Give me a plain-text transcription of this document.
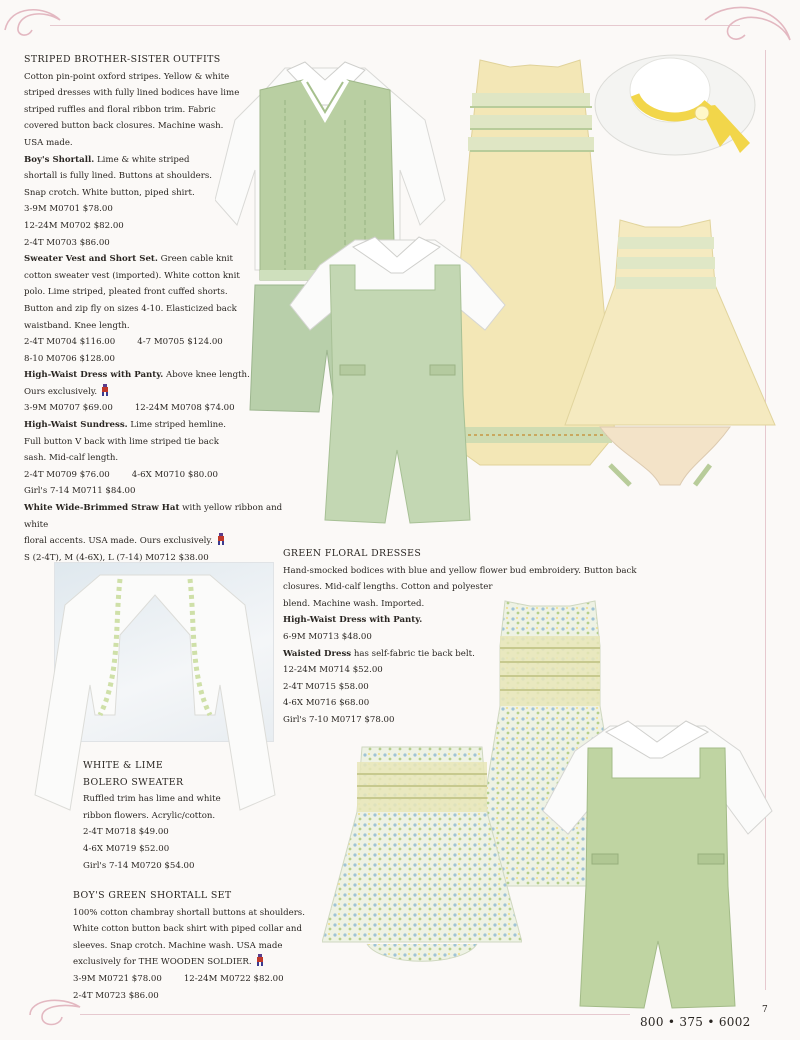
STRIPED BROTHER-SISTER OUTFITS

Cotton pin-point oxford stripes. Yellow & white

striped dresses with fully lined bodices have lime

striped ruffles and floral ribbon trim. Fabric

covered button back closures. Machine wash.

USA made.

Boy's Shortall. Lime & white striped

shortall is fully lined. Buttons at shoulders.

Snap crotch. White button, piped shirt.

3-9M M0701 $78.00

12-24M M0702 $82.00

2-4T M0703 $86.00

Sweater Vest and Short Set. Green cable knit

cotton sweater vest (imported). White cotton knit

polo. Lime striped, pleated front cuffed shorts.

Button and zip fly on sizes 4-10. Elasticized back

waistband. Knee length.

2-4T M0704 $116.00	4-7 M0705 $124.00

8-10 M0706 $128.00

High-Waist Dress with Panty. Above knee length.

Ours exclusively.

3-9M M0707 $69.00	12-24M M0708 $74.00

High-Waist Sundress. Lime striped hemline.

Full button V back with lime striped tie back

sash. Mid-calf length.

2-4T M0709 $76.00	4-6X M0710 $80.00

Girl's 7-14 M0711 $84.00

White Wide-Brimmed Straw Hat with yellow ribbon and white

floral accents. USA made. Ours exclusively.

S (2-4T), M (4-6X), L (7-14) M0712 $38.00	GREEN FLORAL DRESSES

Hand-smocked bodices with blue and yellow flower bud embroidery. Button back

closures. Mid-calf lengths. Cotton and polyester

blend. Machine wash. Imported.

High-Waist Dress with Panty.

6-9M M0713 $48.00

Waisted Dress has self-fabric tie back belt.

12-24M M0714 $52.00

2-4T M0715 $58.00

4-6X M0716 $68.00

Girl's 7-10 M0717 $78.00

WHITE & LIME

BOLERO SWEATER

Ruffled trim has lime and white

ribbon flowers. Acrylic/cotton.

2-4T M0718 $49.00

4-6X M0719 $52.00

Girl's 7-14 M0720 $54.00

BOY'S GREEN SHORTALL SET

100% cotton chambray shortall buttons at shoulders.

White cotton button back shirt with piped collar and

sleeves. Snap crotch. Machine wash. USA made

exclusively for THE WOODEN SOLDIER.

3-9M M0721 $78.00	12-24M M0722 $82.00

2-4T M0723 $86.00

7
800 • 375 • 6002
